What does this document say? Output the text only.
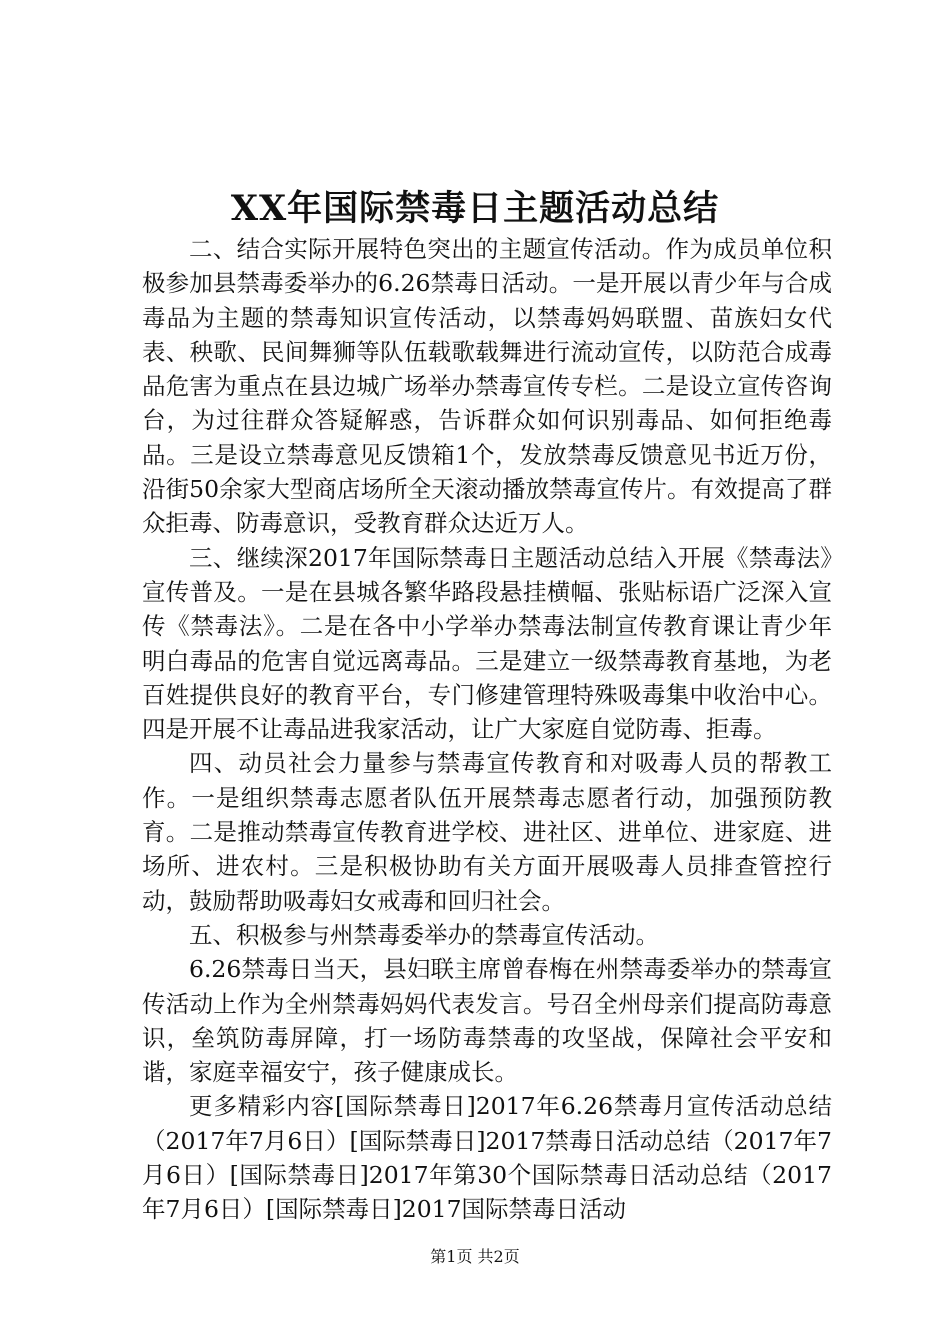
XX年国际禁毒日主题活动总结

二、结合实际开展特色突出的主题宣传活动。作为成员单位积极参加县禁毒委举办的6.26禁毒日活动。一是开展以青少年与合成毒品为主题的禁毒知识宣传活动，以禁毒妈妈联盟、苗族妇女代表、秧歌、民间舞狮等队伍载歌载舞进行流动宣传，以防范合成毒品危害为重点在县边城广场举办禁毒宣传专栏。二是设立宣传咨询台，为过往群众答疑解惑，告诉群众如何识别毒品、如何拒绝毒品。三是设立禁毒意见反馈箱1个，发放禁毒反馈意见书近万份，沿街50余家大型商店场所全天滚动播放禁毒宣传片。有效提高了群众拒毒、防毒意识，受教育群众达近万人。

三、继续深2017年国际禁毒日主题活动总结入开展《禁毒法》宣传普及。一是在县城各繁华路段悬挂横幅、张贴标语广泛深入宣传《禁毒法》。二是在各中小学举办禁毒法制宣传教育课让青少年明白毒品的危害自觉远离毒品。三是建立一级禁毒教育基地，为老百姓提供良好的教育平台，专门修建管理特殊吸毒集中收治中心。四是开展不让毒品进我家活动，让广大家庭自觉防毒、拒毒。

四、动员社会力量参与禁毒宣传教育和对吸毒人员的帮教工作。一是组织禁毒志愿者队伍开展禁毒志愿者行动，加强预防教育。二是推动禁毒宣传教育进学校、进社区、进单位、进家庭、进场所、进农村。三是积极协助有关方面开展吸毒人员排查管控行动，鼓励帮助吸毒妇女戒毒和回归社会。

五、积极参与州禁毒委举办的禁毒宣传活动。

6.26禁毒日当天，县妇联主席曾春梅在州禁毒委举办的禁毒宣传活动上作为全州禁毒妈妈代表发言。号召全州母亲们提高防毒意识，垒筑防毒屏障，打一场防毒禁毒的攻坚战，保障社会平安和谐，家庭幸福安宁，孩子健康成长。

更多精彩内容[国际禁毒日]2017年6.26禁毒月宣传活动总结（2017年7月6日）[国际禁毒日]2017禁毒日活动总结（2017年7月6日）[国际禁毒日]2017年第30个国际禁毒日活动总结（2017年7月6日）[国际禁毒日]2017国际禁毒日活动

第1页 共2页
